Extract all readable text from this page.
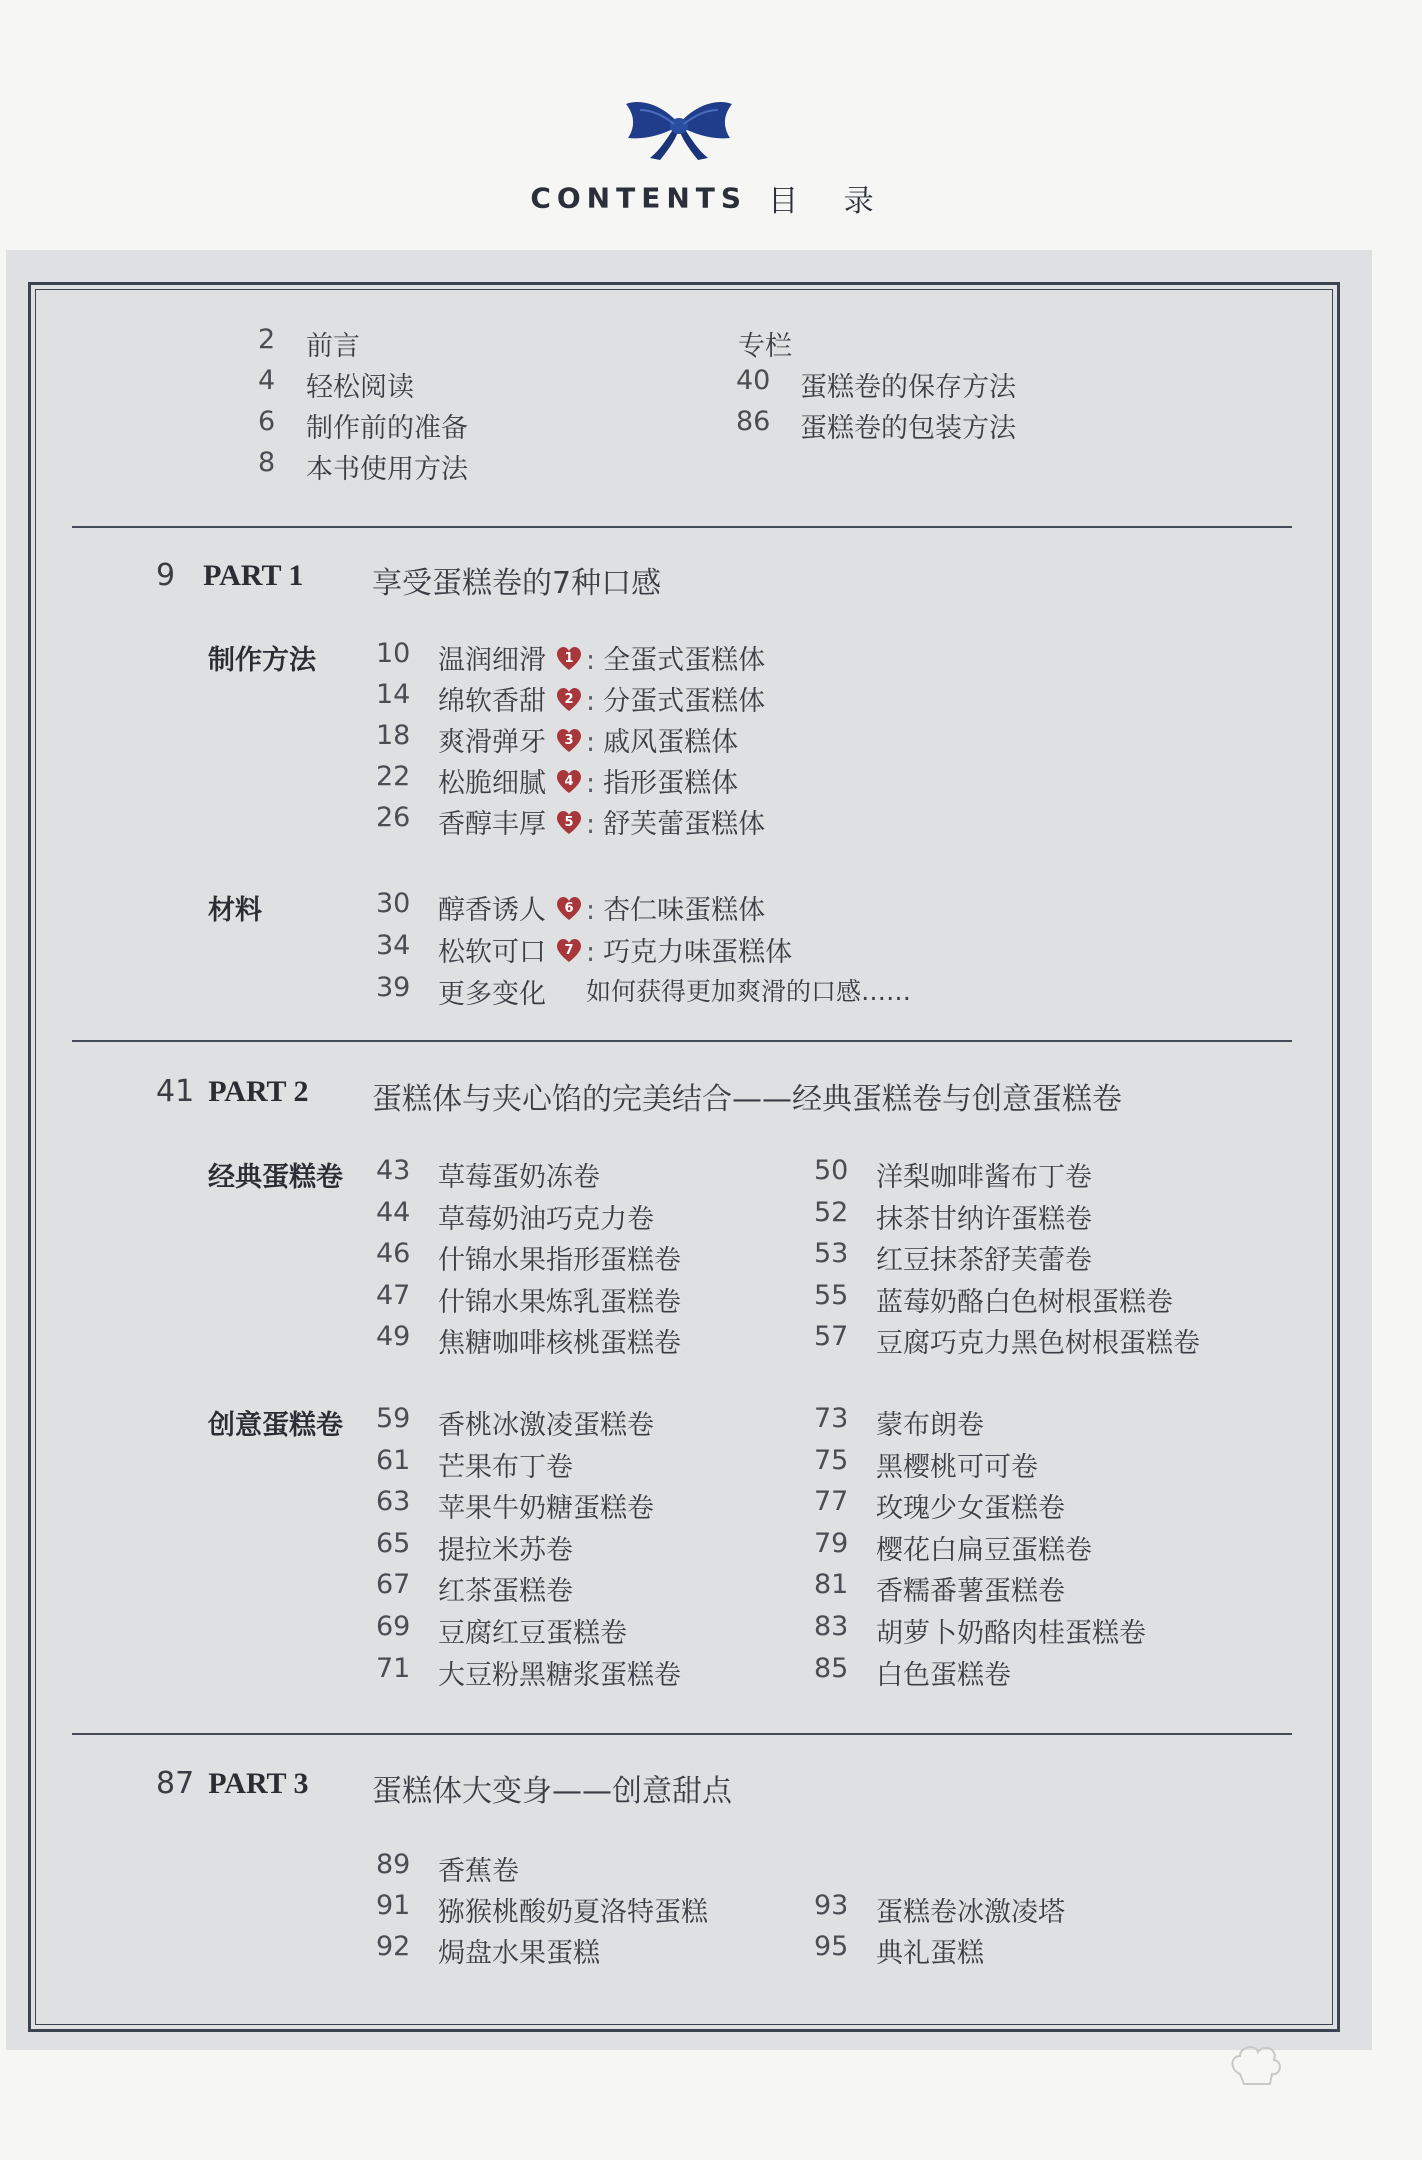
CONTENTS 目 录
2 前言
4 轻松阅读
6 制作前的准备
8 本书使用方法
专栏
40 蛋糕卷的保存方法
86 蛋糕卷的包装方法
9 PART 1 享受蛋糕卷的7种口感
制作方法
材料
10 温润细滑 1 : 全蛋式蛋糕体
14 绵软香甜 2 : 分蛋式蛋糕体
18 爽滑弹牙 3 : 戚风蛋糕体
22 松脆细腻 4 : 指形蛋糕体
26 香醇丰厚 5 : 舒芙蕾蛋糕体
30 醇香诱人 6 : 杏仁味蛋糕体
34 松软可口 7 : 巧克力味蛋糕体
39 更多变化 如何获得更加爽滑的口感……
41 PART 2 蛋糕体与夹心馅的完美结合——经典蛋糕卷与创意蛋糕卷
经典蛋糕卷
创意蛋糕卷
43 草莓蛋奶冻卷
44 草莓奶油巧克力卷
46 什锦水果指形蛋糕卷
47 什锦水果炼乳蛋糕卷
49 焦糖咖啡核桃蛋糕卷
50 洋梨咖啡酱布丁卷
52 抹茶甘纳许蛋糕卷
53 红豆抹茶舒芙蕾卷
55 蓝莓奶酪白色树根蛋糕卷
57 豆腐巧克力黑色树根蛋糕卷
59 香桃冰激凌蛋糕卷
61 芒果布丁卷
63 苹果牛奶糖蛋糕卷
65 提拉米苏卷
67 红茶蛋糕卷
69 豆腐红豆蛋糕卷
71 大豆粉黑糖浆蛋糕卷
73 蒙布朗卷
75 黑樱桃可可卷
77 玫瑰少女蛋糕卷
79 樱花白扁豆蛋糕卷
81 香糯番薯蛋糕卷
83 胡萝卜奶酪肉桂蛋糕卷
85 白色蛋糕卷
87 PART 3 蛋糕体大变身——创意甜点
89 香蕉卷
91 猕猴桃酸奶夏洛特蛋糕
92 焗盘水果蛋糕
93 蛋糕卷冰激凌塔
95 典礼蛋糕
